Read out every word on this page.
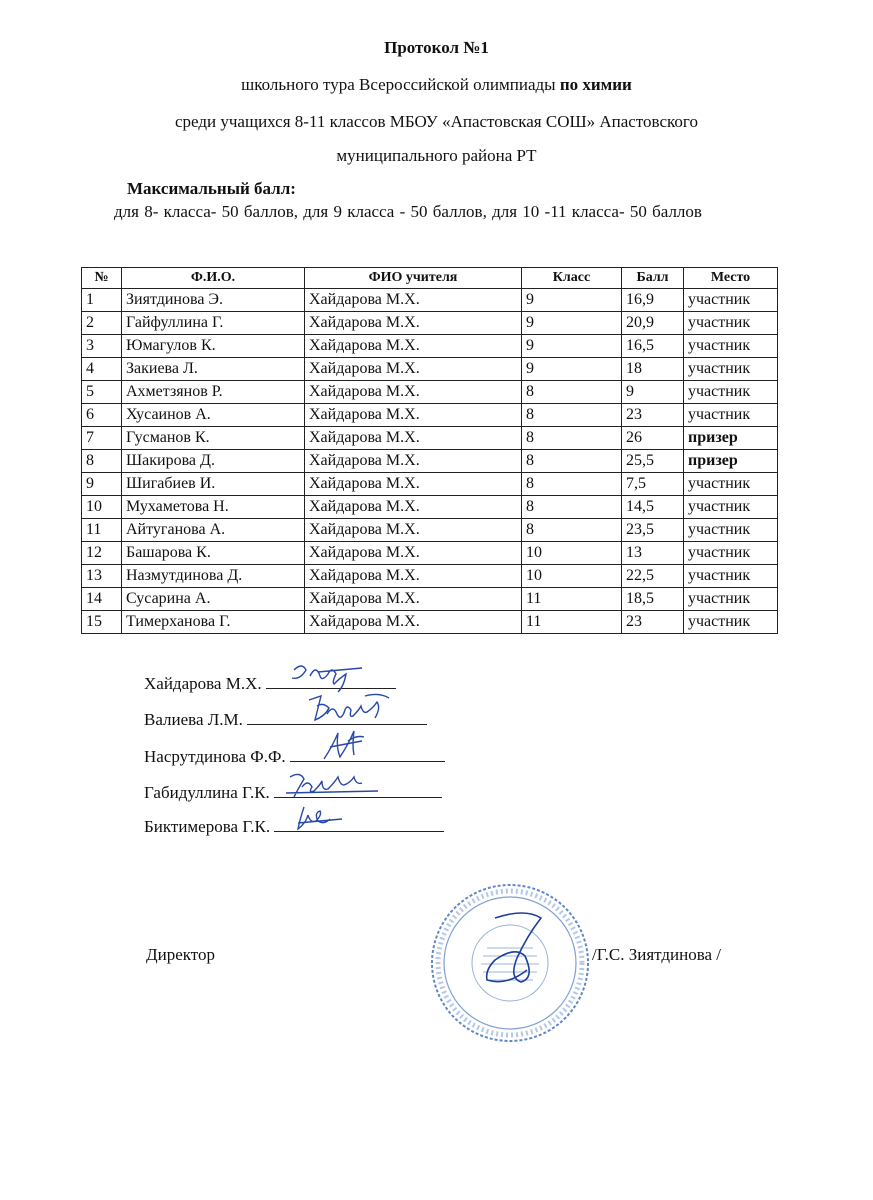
Протокол №1
школьного тура Всероссийской олимпиады по химии
среди учащихся 8-11 классов МБОУ «Апастовская СОШ» Апастовского
муниципального района РТ
Максимальный балл:
для 8- класса- 50 баллов, для 9 класса - 50 баллов, для 10 -11 класса- 50 баллов
№	Ф.И.О.	ФИО учителя	Класс	Балл	Место
1	Зиятдинова Э.	Хайдарова М.Х.	9	16,9	участник
2	Гайфуллина Г.	Хайдарова М.Х.	9	20,9	участник
3	Юмагулов К.	Хайдарова М.Х.	9	16,5	участник
4	Закиева Л.	Хайдарова М.Х.	9	18	участник
5	Ахметзянов Р.	Хайдарова М.Х.	8	9	участник
6	Хусаинов А.	Хайдарова М.Х.	8	23	участник
7	Гусманов К.	Хайдарова М.Х.	8	26	призер
8	Шакирова Д.	Хайдарова М.Х.	8	25,5	призер
9	Шигабиев И.	Хайдарова М.Х.	8	7,5	участник
10	Мухаметова Н.	Хайдарова М.Х.	8	14,5	участник
11	Айтуганова А.	Хайдарова М.Х.	8	23,5	участник
12	Башарова К.	Хайдарова М.Х.	10	13	участник
13	Назмутдинова Д.	Хайдарова М.Х.	10	22,5	участник
14	Сусарина А.	Хайдарова М.Х.	11	18,5	участник
15	Тимерханова Г.	Хайдарова М.Х.	11	23	участник
Хайдарова М.Х.
Валиева Л.М.
Насрутдинова Ф.Ф.
Габидуллина Г.К.
Биктимерова Г.К.
Директор	/Г.С. Зиятдинова /
